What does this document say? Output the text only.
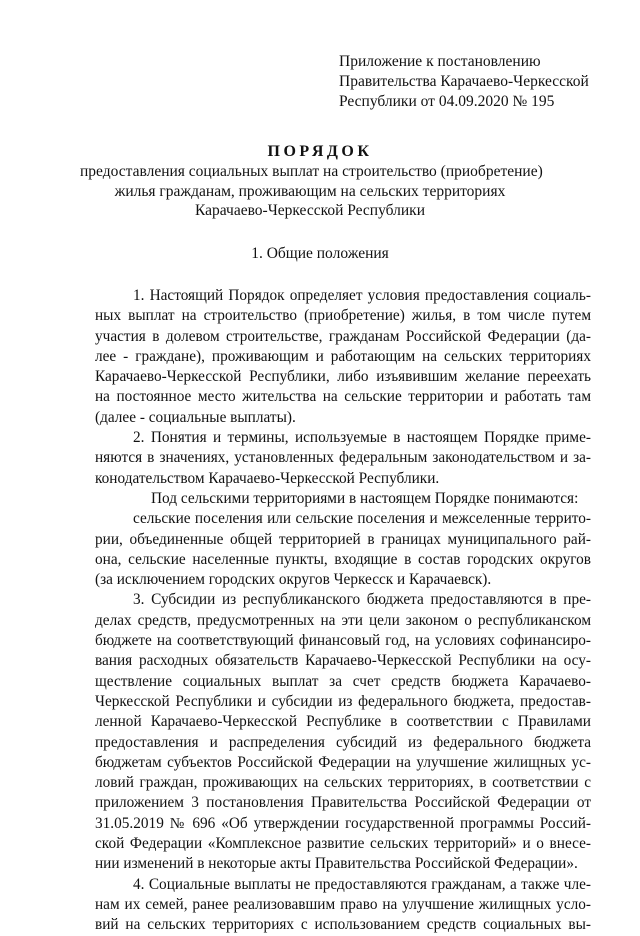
Приложение к постановлению
Правительства Карачаево-Черкесской
Республики от 04.09.2020 № 195
ПОРЯДОК
предоставления социальных выплат на строительство (приобретение)
жилья гражданам, проживающим на сельских территориях
Карачаево-Черкесской Республики
1. Общие положения
1. Настоящий Порядок определяет условия предоставления социаль-
ных выплат на строительство (приобретение) жилья, в том числе путем
участия в долевом строительстве, гражданам Российской Федерации (да-
лее - граждане), проживающим и работающим на сельских территориях
Карачаево-Черкесской Республики, либо изъявившим желание переехать
на постоянное место жительства на сельские территории и работать там
(далее - социальные выплаты).
2. Понятия и термины, используемые в настоящем Порядке приме-
няются в значениях, установленных федеральным законодательством и за-
конодательством Карачаево-Черкесской Республики.
Под сельскими территориями в настоящем Порядке понимаются:
сельские поселения или сельские поселения и межселенные террито-
рии, объединенные общей территорией в границах муниципального рай-
она, сельские населенные пункты, входящие в состав городских округов
(за исключением городских округов Черкесск и Карачаевск).
3. Субсидии из республиканского бюджета предоставляются в пре-
делах средств, предусмотренных на эти цели законом о республиканском
бюджете на соответствующий финансовый год, на условиях софинансиро-
вания расходных обязательств Карачаево-Черкесской Республики на осу-
ществление социальных выплат за счет средств бюджета Карачаево-
Черкесской Республики и субсидии из федерального бюджета, предостав-
ленной Карачаево-Черкесской Республике в соответствии с Правилами
предоставления и распределения субсидий из федерального бюджета
бюджетам субъектов Российской Федерации на улучшение жилищных ус-
ловий граждан, проживающих на сельских территориях, в соответствии с
приложением 3 постановления Правительства Российской Федерации от
31.05.2019 № 696 «Об утверждении государственной программы Россий-
ской Федерации «Комплексное развитие сельских территорий» и о внесе-
нии изменений в некоторые акты Правительства Российской Федерации».
4. Социальные выплаты не предоставляются гражданам, а также чле-
нам их семей, ранее реализовавшим право на улучшение жилищных усло-
вий на сельских территориях с использованием средств социальных вы-
